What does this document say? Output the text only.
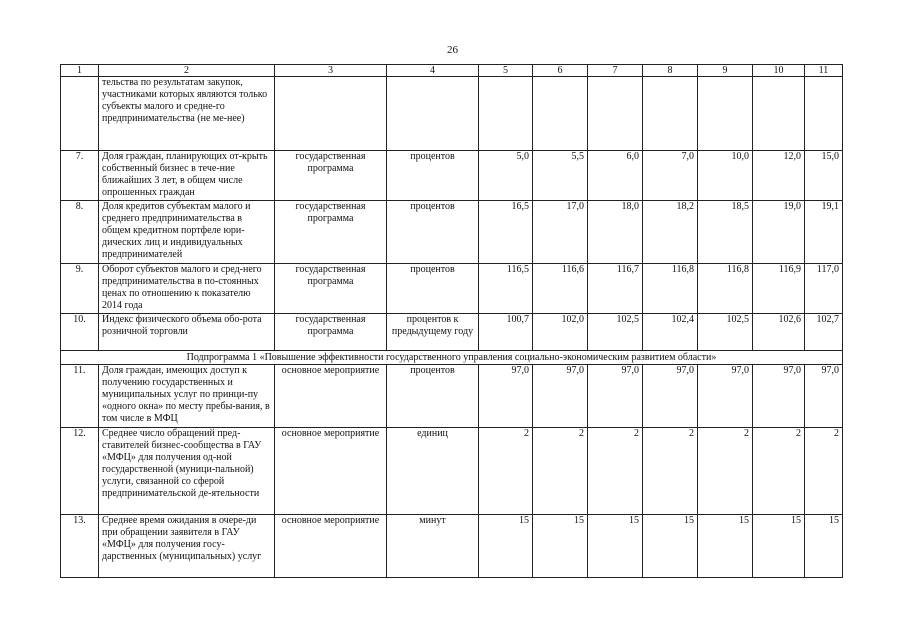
26
1	2	3	4	5	6	7	8	9	10	11
	тельства по результатам закупок, участниками которых являются только субъекты малого и средне-го предпринимательства (не ме-нее)									
7.	Доля граждан, планирующих от-крыть собственный бизнес в тече-ние ближайших 3 лет, в общем числе опрошенных граждан	государственная программа	процентов	5,0	5,5	6,0	7,0	10,0	12,0	15,0
8.	Доля кредитов субъектам малого и среднего предпринимательства в общем кредитном портфеле юри-дических лиц и индивидуальных предпринимателей	государственная программа	процентов	16,5	17,0	18,0	18,2	18,5	19,0	19,1
9.	Оборот субъектов малого и сред-него предпринимательства в по-стоянных ценах по отношению к показателю 2014 года	государственная программа	процентов	116,5	116,6	116,7	116,8	116,8	116,9	117,0
10.	Индекс физического объема обо-рота розничной торговли	государственная программа	процентов к предыдущему году	100,7	102,0	102,5	102,4	102,5	102,6	102,7
Подпрограмма 1 «Повышение эффективности государственного управления социально-экономическим развитием области»										
11.	Доля граждан, имеющих доступ к получению государственных и муниципальных услуг по принци-пу «одного окна» по месту пребы-вания, в том числе в МФЦ	основное мероприятие	процентов	97,0	97,0	97,0	97,0	97,0	97,0	97,0
12.	Среднее число обращений пред-ставителей бизнес-сообщества в ГАУ «МФЦ» для получения од-ной государственной (муници-пальной) услуги, связанной со сферой предпринимательской де-ятельности	основное мероприятие	единиц	2	2	2	2	2	2	2
13.	Среднее время ожидания в очере-ди при обращении заявителя в ГАУ «МФЦ» для получения госу-дарственных (муниципальных) услуг	основное мероприятие	минут	15	15	15	15	15	15	15
